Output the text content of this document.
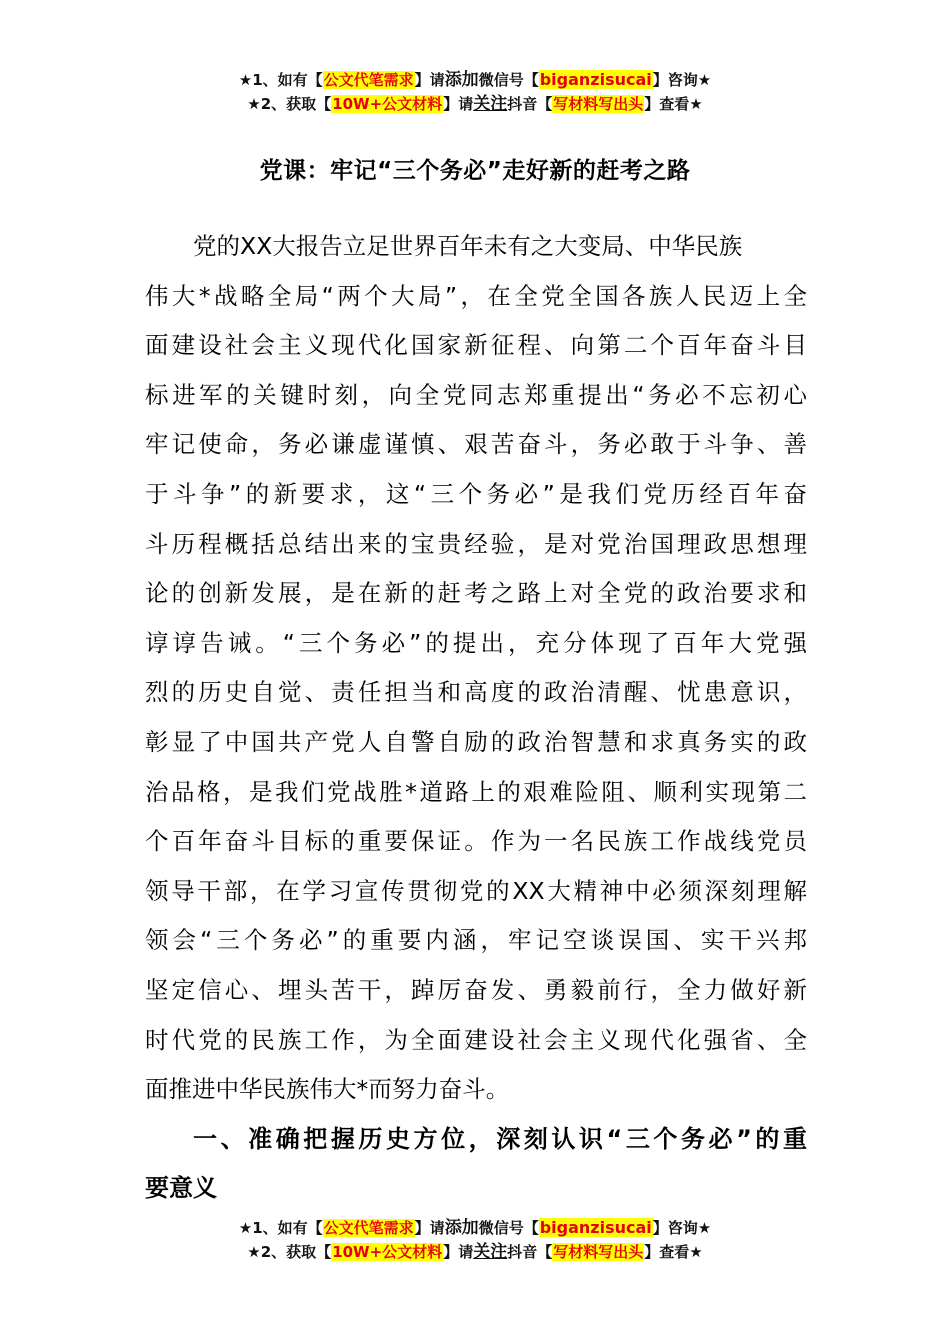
★1、如有【公文代笔需求】请添加微信号【biganzisucai】咨询★
★2、获取【10W+公文材料】请关注抖音【写材料写出头】查看★
党课：牢记“三个务必”走好新的赶考之路
党的XX大报告立足世界百年未有之大变局、中华民族
伟大*战略全局“两个大局”，在全党全国各族人民迈上全
面建设社会主义现代化国家新征程、向第二个百年奋斗目
标进军的关键时刻，向全党同志郑重提出“务必不忘初心
牢记使命，务必谦虚谨慎、艰苦奋斗，务必敢于斗争、善
于斗争”的新要求，这“三个务必”是我们党历经百年奋
斗历程概括总结出来的宝贵经验，是对党治国理政思想理
论的创新发展，是在新的赶考之路上对全党的政治要求和
谆谆告诫。“三个务必”的提出，充分体现了百年大党强
烈的历史自觉、责任担当和高度的政治清醒、忧患意识，
彰显了中国共产党人自警自励的政治智慧和求真务实的政
治品格，是我们党战胜*道路上的艰难险阻、顺利实现第二
个百年奋斗目标的重要保证。作为一名民族工作战线党员
领导干部，在学习宣传贯彻党的XX大精神中必须深刻理解
领会“三个务必”的重要内涵，牢记空谈误国、实干兴邦
坚定信心、埋头苦干，踔厉奋发、勇毅前行，全力做好新
时代党的民族工作，为全面建设社会主义现代化强省、全
面推进中华民族伟大*而努力奋斗。
一、准确把握历史方位，深刻认识“三个务必”的重
要意义
★1、如有【公文代笔需求】请添加微信号【biganzisucai】咨询★
★2、获取【10W+公文材料】请关注抖音【写材料写出头】查看★
